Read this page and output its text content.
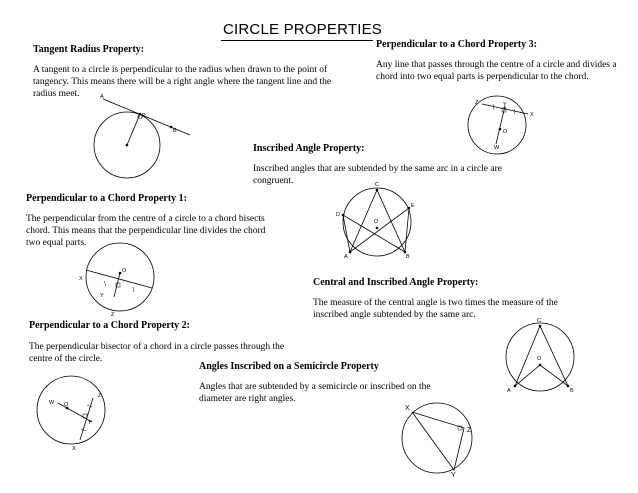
CIRCLE PROPERTIES
Tangent Radius Property:
A tangent to a circle is perpendicular to the radius when drawn to the point of
tangency. This means there will be a right angle where the tangent line and the
radius meet.	A
P
B
Perpendicular to a Chord Property 3:
Any line that passes through the centre of a circle and divides a
chord into two equal parts is perpendicular to the chord.
Z	Y
X
O
W
Inscribed Angle Property:
Inscribed angles that are subtended by the same arc in a circle are
congruent.	C
D
E
O
A	B
Perpendicular to a Chord Property 1:
The perpendicular from the centre of a circle to a chord bisects
chord. This means that the perpendicular line divides the chord
two equal parts.
O
X
Y
Z
Central and Inscribed Angle Property:
The measure of the central angle is two times the measure of the
inscribed angle subtended by the same arc.
C
O
A	B
Perpendicular to a Chord Property 2:
The perpendicular bisector of a chord in a circle passes through the
centre of the circle.
W O
Z
Y
X
Angles Inscribed on a Semicircle Property
Angles that are subtended by a semicircle or inscribed on the
diameter are right angles.
X
Z
Y
